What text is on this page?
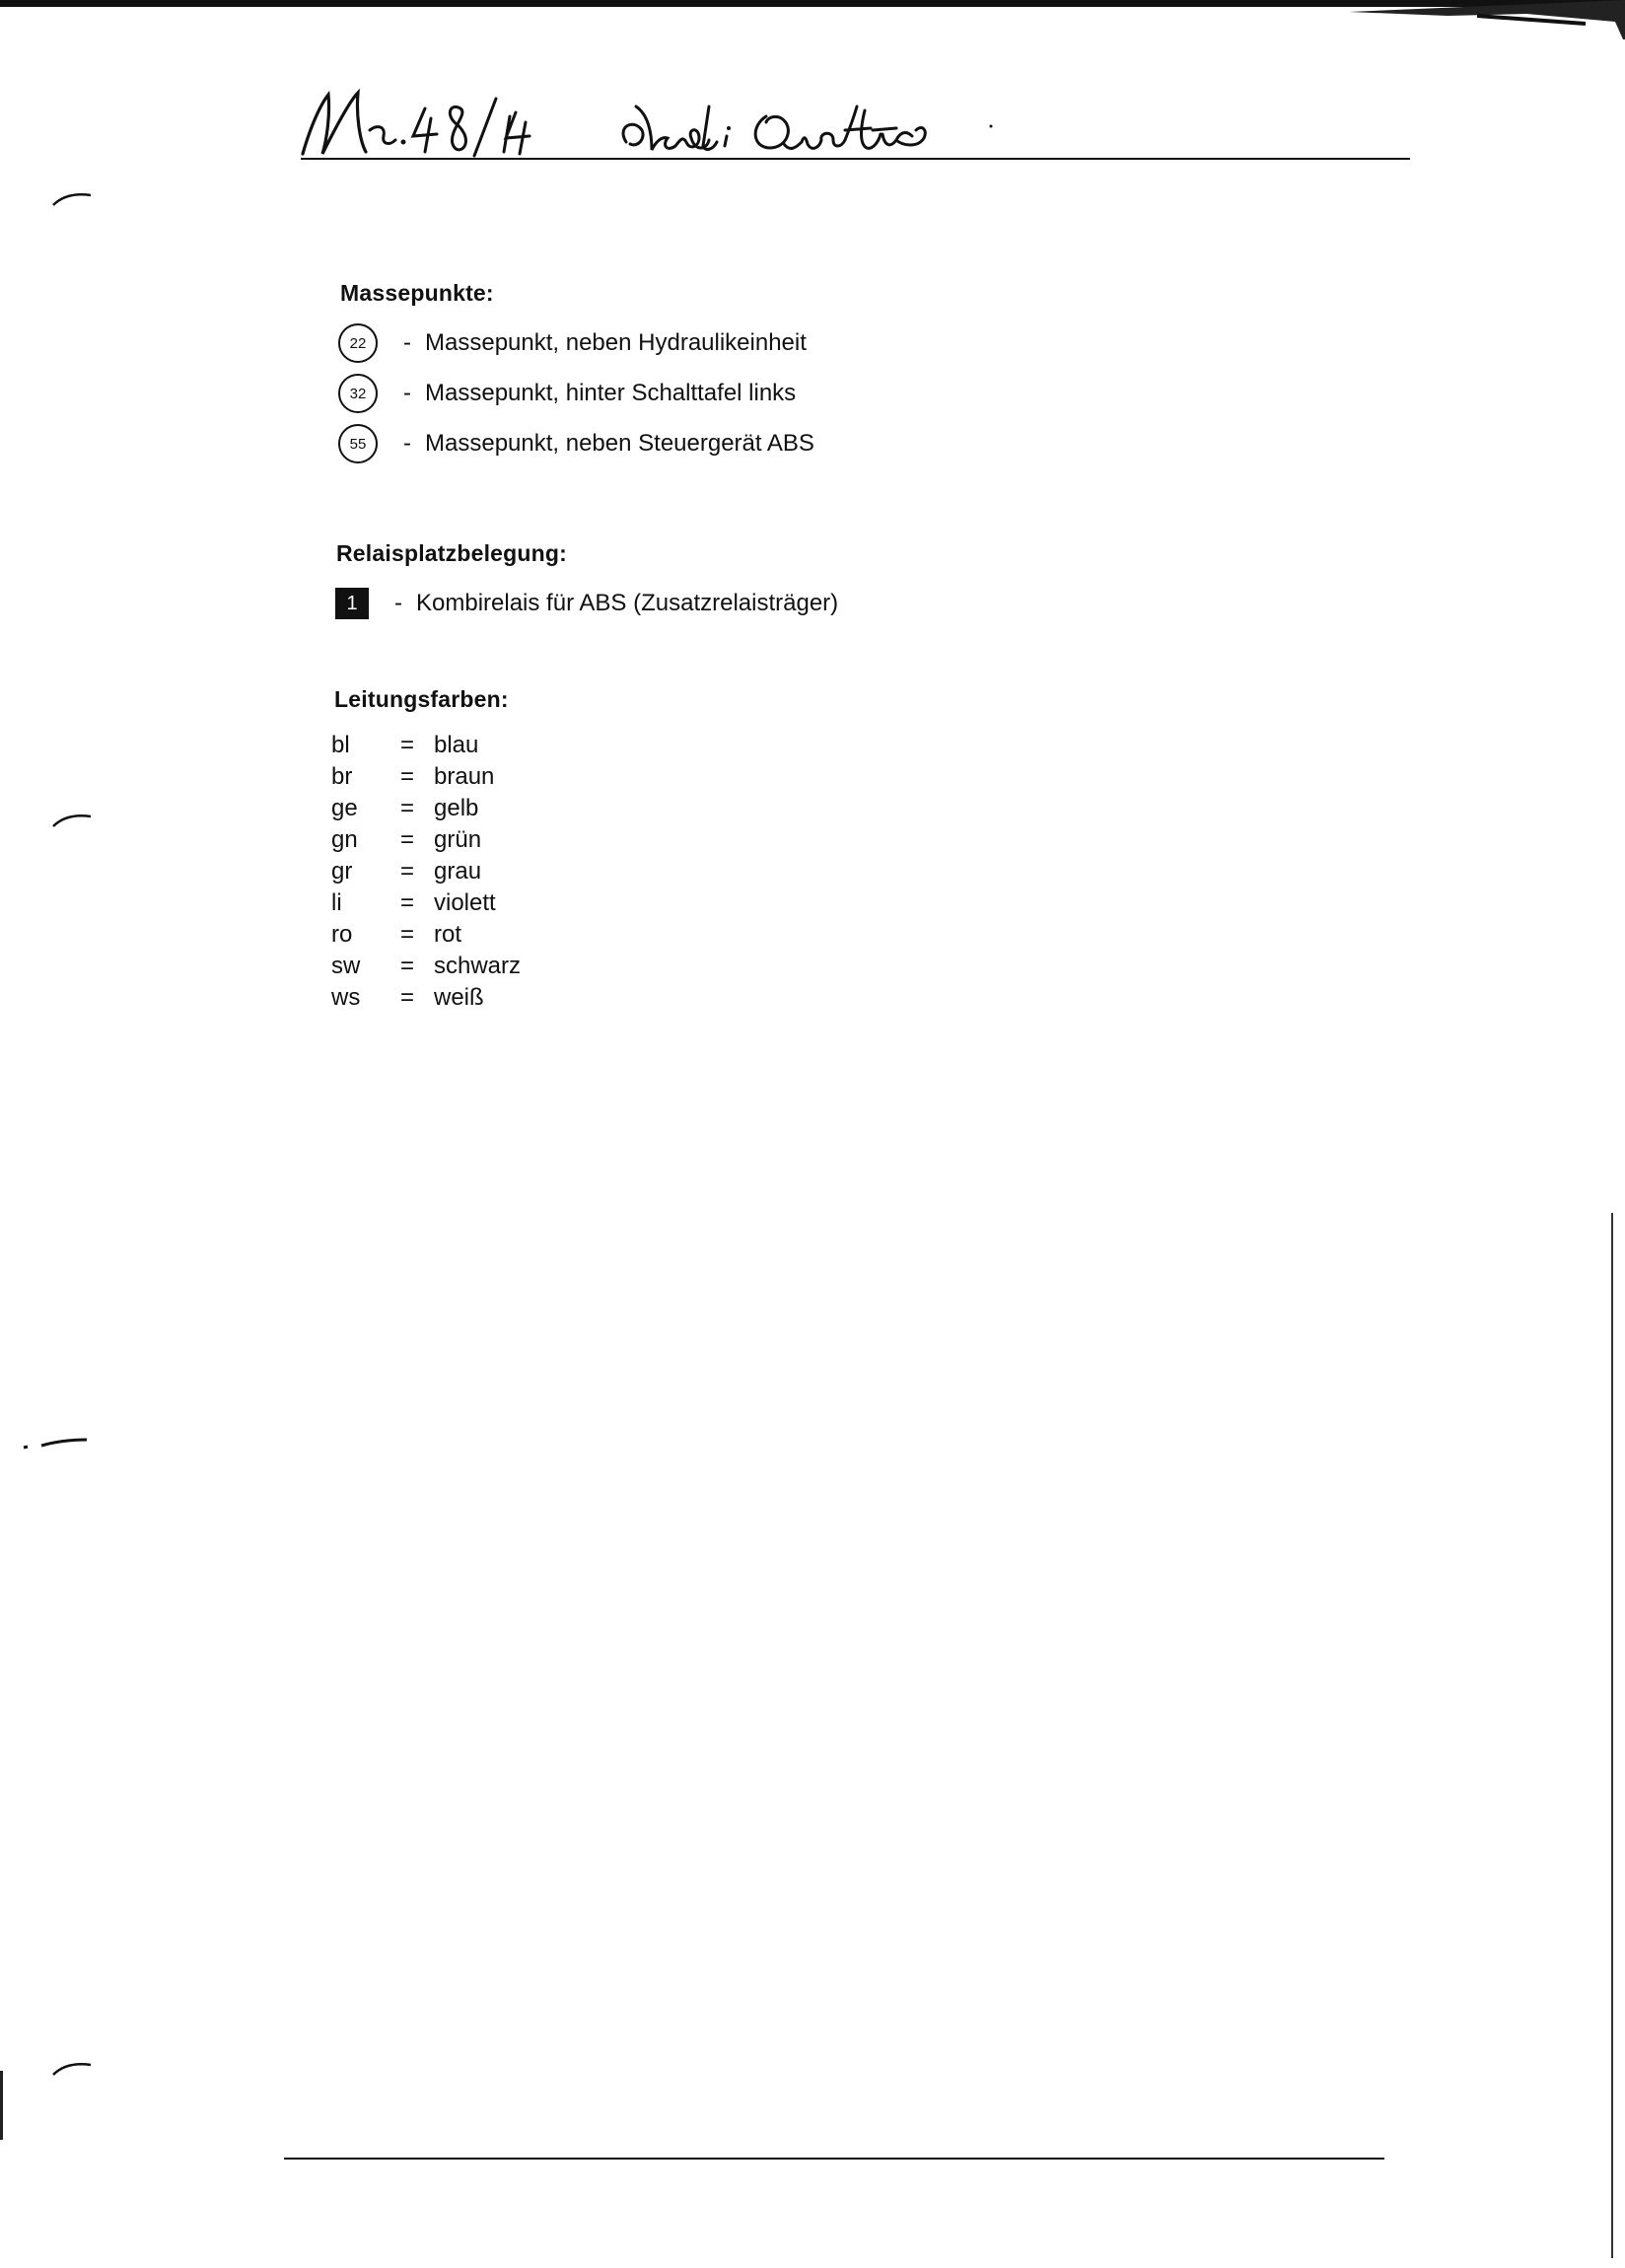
Massepunkte:
22	- Massepunkt, neben Hydraulikeinheit
32	- Massepunkt, hinter Schalttafel links
55	- Massepunkt, neben Steuergerät ABS
Relaisplatzbelegung:
1	- Kombirelais für ABS (Zusatzrelaisträger)
Leitungsfarben:
bl = blau
br = braun
ge = gelb
gn = grün
gr = grau
li = violett
ro = rot
sw = schwarz
ws = weiß
